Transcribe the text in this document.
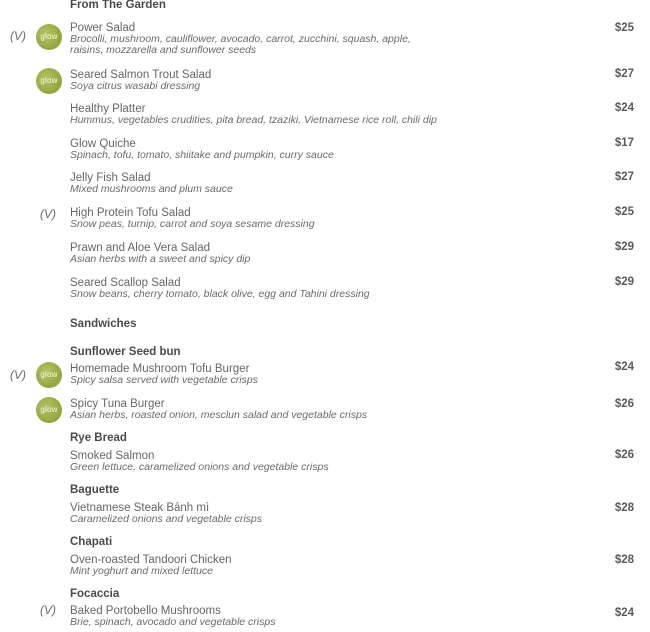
From The Garden
Sandwiches
Sunflower Seed bun
Rye Bread
Baguette
Chapati
Focaccia
(V)	glow
glow
(V)
(V)	glow
glow
(V)
Power Salad
Brocolli, mushroom, cauliflower, avocado, carrot, zucchini, squash, apple,
raisins, mozzarella and sunflower seeds
$25
Seared Salmon Trout Salad
Soya citrus wasabi dressing
$27
Healthy Platter
Hummus, vegetables crudities, pita bread, tzaziki, Vietnamese rice roll, chili dip
$24
Glow Quiche
Spinach, tofu, tomato, shiitake and pumpkin, curry sauce
$17
Jelly Fish Salad
Mixed mushrooms and plum sauce
$27
High Protein Tofu Salad
Snow peas, turnip, carrot and soya sesame dressing
$25
Prawn and Aloe Vera Salad
Asian herbs with a sweet and spicy dip
$29
Seared Scallop Salad
Snow beans, cherry tomato, black olive, egg and Tahini dressing
$29
Homemade Mushroom Tofu Burger
Spicy salsa served with vegetable crisps
$24
Spicy Tuna Burger
Asian herbs, roasted onion, mesclun salad and vegetable crisps
$26
Smoked Salmon
Green lettuce, caramelized onions and vegetable crisps
$26
Vietnamese Steak Bánh mì
Caramelized onions and vegetable crisps
$28
Oven-roasted Tandoori Chicken
Mint yoghurt and mixed lettuce
$28
Baked Portobello Mushrooms
Brie, spinach, avocado and vegetable crisps
$24
